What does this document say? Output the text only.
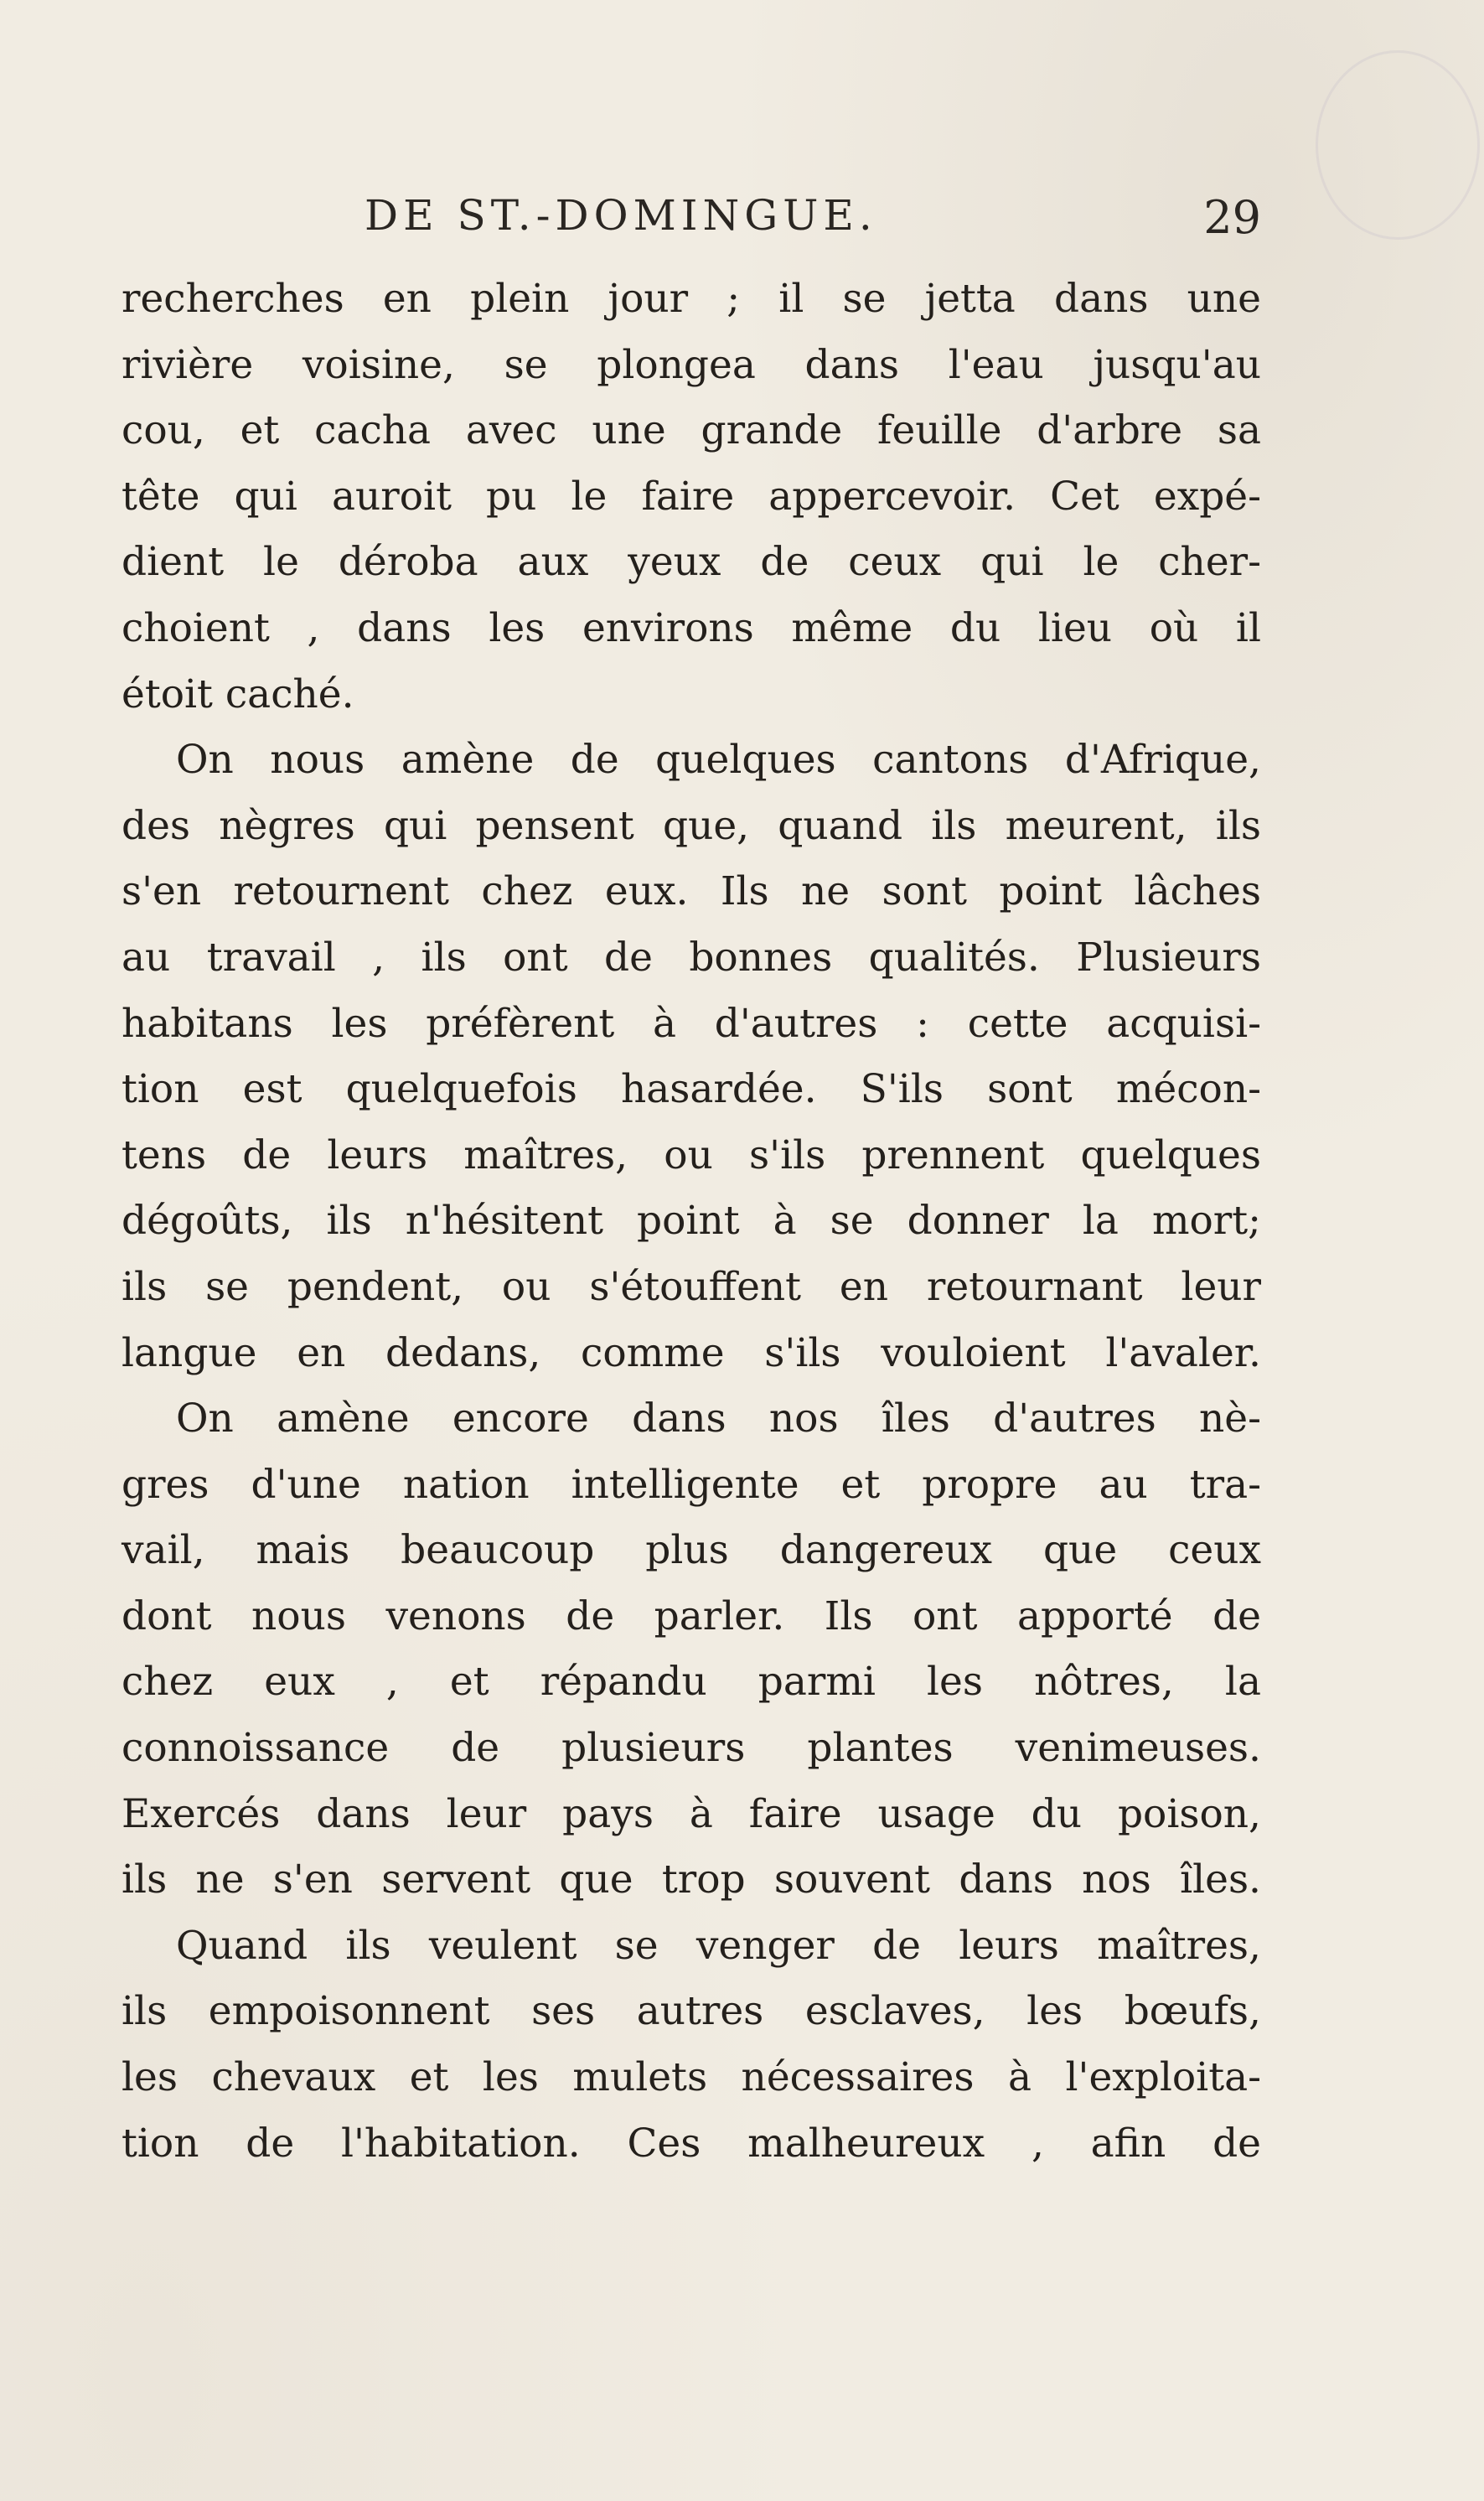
DE ST.-DOMINGUE.	29
recherches en plein jour ; il se jetta dans une
rivière voisine, se plongea dans l'eau jusqu'au
cou, et cacha avec une grande feuille d'arbre sa
tête qui auroit pu le faire appercevoir. Cet expé-
dient le déroba aux yeux de ceux qui le cher-
choient , dans les environs même du lieu où il
étoit caché.
On nous amène de quelques cantons d'Afrique,
des nègres qui pensent que, quand ils meurent, ils
s'en retournent chez eux. Ils ne sont point lâches
au travail , ils ont de bonnes qualités. Plusieurs
habitans les préfèrent à d'autres : cette acquisi-
tion est quelquefois hasardée. S'ils sont mécon-
tens de leurs maîtres, ou s'ils prennent quelques
dégoûts, ils n'hésitent point à se donner la mort;
ils se pendent, ou s'étouffent en retournant leur
langue en dedans, comme s'ils vouloient l'avaler.
On amène encore dans nos îles d'autres nè-
gres d'une nation intelligente et propre au tra-
vail, mais beaucoup plus dangereux que ceux
dont nous venons de parler. Ils ont apporté de
chez eux , et répandu parmi les nôtres, la
connoissance de plusieurs plantes venimeuses.
Exercés dans leur pays à faire usage du poison,
ils ne s'en servent que trop souvent dans nos îles.
Quand ils veulent se venger de leurs maîtres,
ils empoisonnent ses autres esclaves, les bœufs,
les chevaux et les mulets nécessaires à l'exploita-
tion de l'habitation. Ces malheureux , afin de
